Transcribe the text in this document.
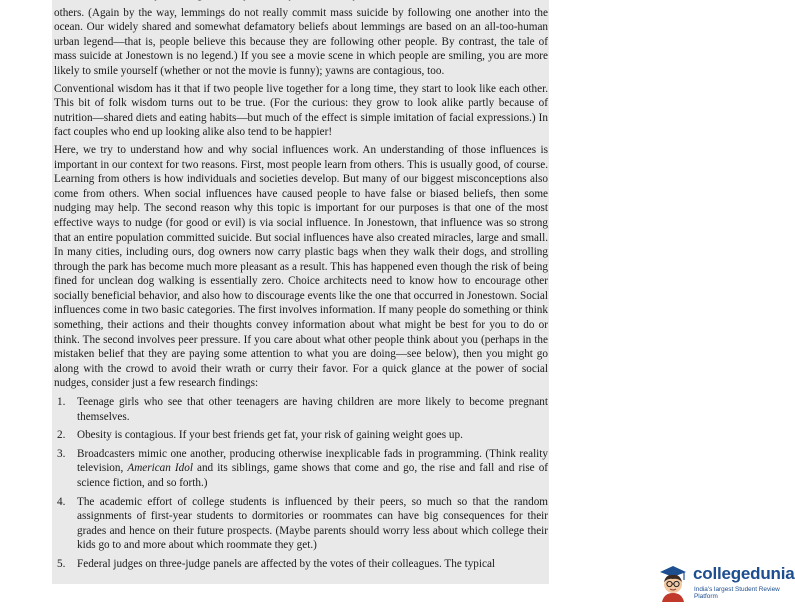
others. (Again by the way, lemmings do not really commit mass suicide by following one another into the ocean. Our widely shared and somewhat defamatory beliefs about lemmings are based on an all-too-human urban legend—that is, people believe this because they are following other people. By contrast, the tale of mass suicide at Jonestown is no legend.) If you see a movie scene in which people are smiling, you are more likely to smile yourself (whether or not the movie is funny); yawns are contagious, too.

Conventional wisdom has it that if two people live together for a long time, they start to look like each other. This bit of folk wisdom turns out to be true. (For the curious: they grow to look alike partly because of nutrition—shared diets and eating habits—but much of the effect is simple imitation of facial expressions.) In fact couples who end up looking alike also tend to be happier!

Here, we try to understand how and why social influences work. An understanding of those influences is important in our context for two reasons. First, most people learn from others. This is usually good, of course. Learning from others is how individuals and societies develop. But many of our biggest misconceptions also come from others. When social influences have caused people to have false or biased beliefs, then some nudging may help. The second reason why this topic is important for our purposes is that one of the most effective ways to nudge (for good or evil) is via social influence. In Jonestown, that influence was so strong that an entire population committed suicide. But social influences have also created miracles, large and small. In many cities, including ours, dog owners now carry plastic bags when they walk their dogs, and strolling through the park has become much more pleasant as a result. This has happened even though the risk of being fined for unclean dog walking is essentially zero. Choice architects need to know how to encourage other socially beneficial behavior, and also how to discourage events like the one that occurred in Jonestown. Social influences come in two basic categories. The first involves information. If many people do something or think something, their actions and their thoughts convey information about what might be best for you to do or think. The second involves peer pressure. If you care about what other people think about you (perhaps in the mistaken belief that they are paying some attention to what you are doing—see below), then you might go along with the crowd to avoid their wrath or curry their favor. For a quick glance at the power of social nudges, consider just a few research findings:

1. Teenage girls who see that other teenagers are having children are more likely to become pregnant themselves.
2. Obesity is contagious. If your best friends get fat, your risk of gaining weight goes up.
3. Broadcasters mimic one another, producing otherwise inexplicable fads in programming. (Think reality television, American Idol and its siblings, game shows that come and go, the rise and fall and rise of science fiction, and so forth.)
4. The academic effort of college students is influenced by their peers, so much so that the random assignments of first-year students to dormitories or roommates can have big consequences for their grades and hence on their future prospects. (Maybe parents should worry less about which college their kids go to and more about which roommate they get.)
5. Federal judges on three-judge panels are affected by the votes of their colleagues. The typical
collegedunia
India's largest Student Review Platform
